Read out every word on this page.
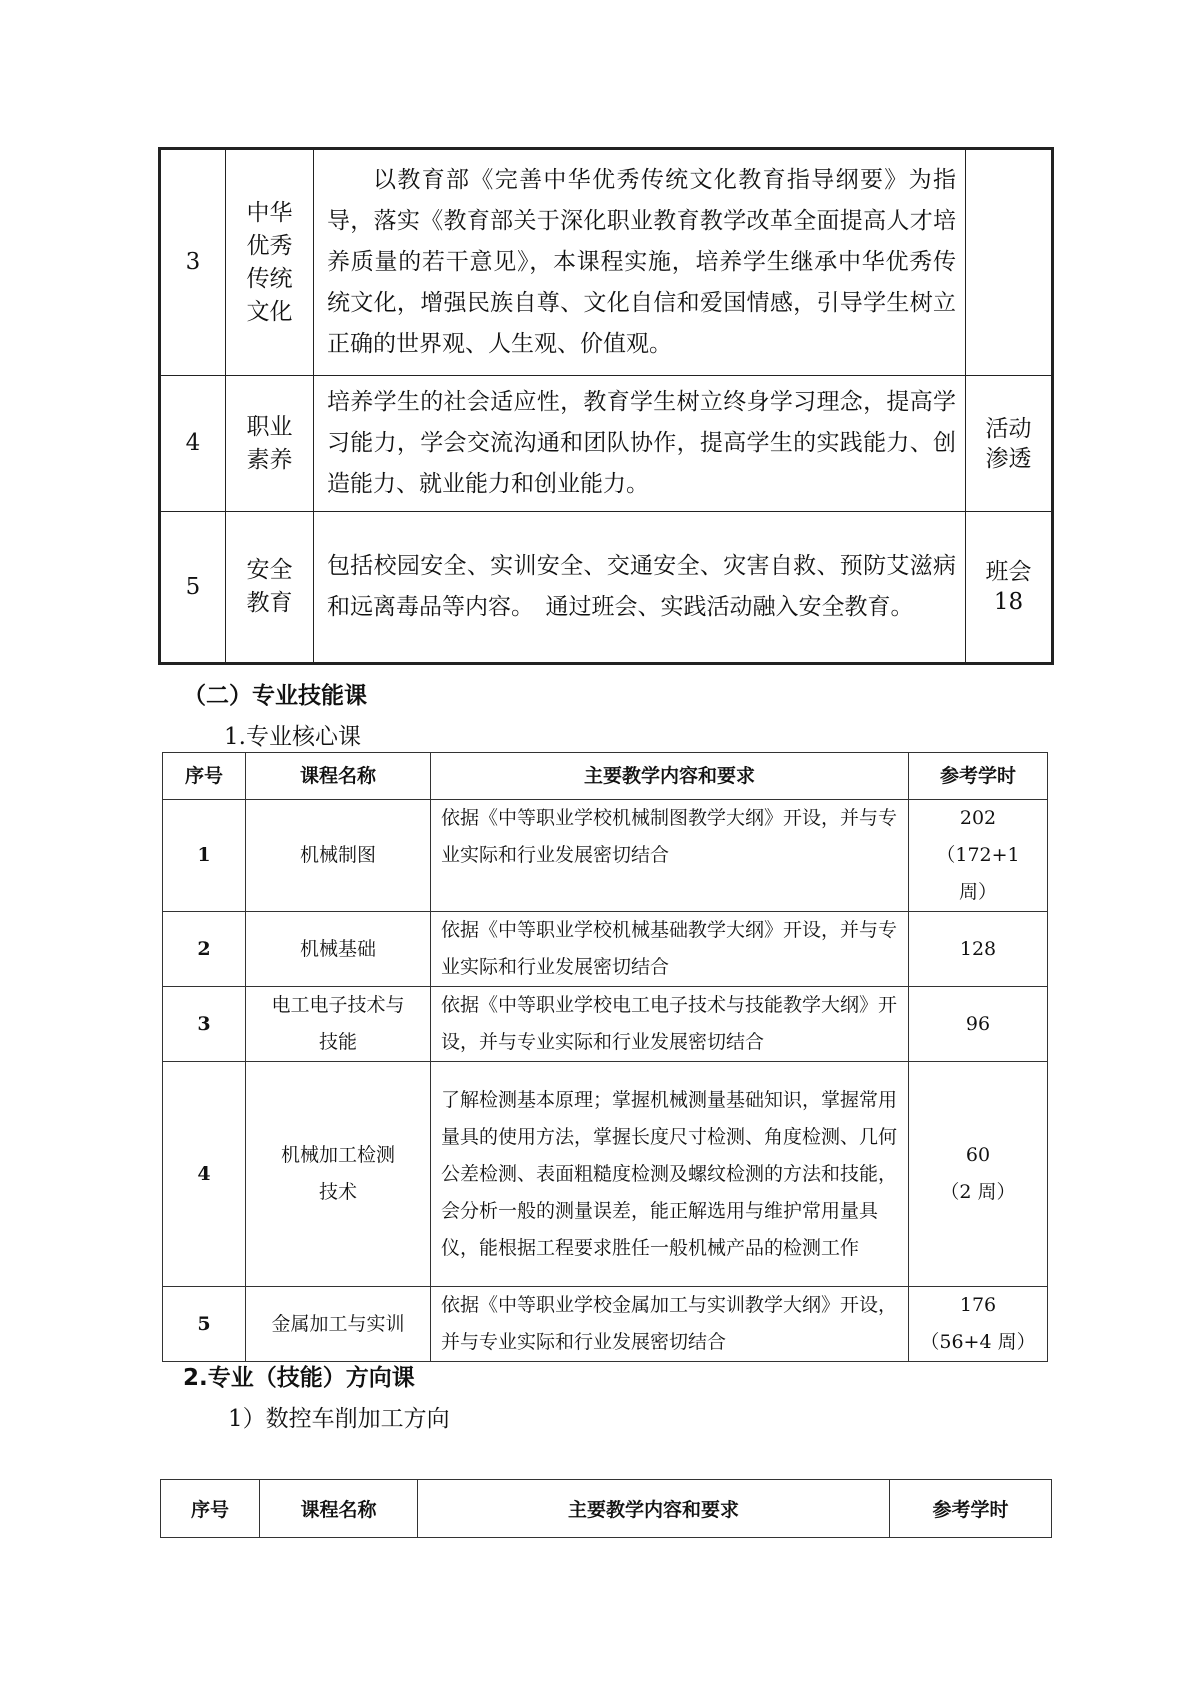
3	中华
优秀
传统
文化	以教育部《完善中华优秀传统文化教育指导纲要》为指导，落实《教育部关于深化职业教育教学改革全面提高人才培养质量的若干意见》，本课程实施，培养学生继承中华优秀传统文化，增强民族自尊、文化自信和爱国情感，引导学生树立正确的世界观、人生观、价值观。	

4	职业
素养	培养学生的社会适应性，教育学生树立终身学习理念，提高学习能力，学会交流沟通和团队协作，提高学生的实践能力、创造能力、就业能力和创业能力。	活动
渗透
5	安全
教育	包括校园安全、实训安全、交通安全、灾害自救、预防艾滋病和远离毒品等内容。　通过班会、实践活动融入安全教育。	班会
18
（二）专业技能课
1.专业核心课
序号	课程名称	主要教学内容和要求	参考学时
1	机械制图	依据《中等职业学校机械制图教学大纲》开设，并与专业实际和行业发展密切结合	202
（172+1
周）
2	机械基础	依据《中等职业学校机械基础教学大纲》开设，并与专业实际和行业发展密切结合	128
3	电工电子技术与
技能	依据《中等职业学校电工电子技术与技能教学大纲》开设，并与专业实际和行业发展密切结合	96
4	机械加工检测
技术	了解检测基本原理；掌握机械测量基础知识，掌握常用量具的使用方法，掌握长度尺寸检测、角度检测、几何公差检测、表面粗糙度检测及螺纹检测的方法和技能，会分析一般的测量误差，能正解选用与维护常用量具仪，能根据工程要求胜任一般机械产品的检测工作	60
（2 周）
5	金属加工与实训	依据《中等职业学校金属加工与实训教学大纲》开设，并与专业实际和行业发展密切结合	176
（56+4 周）
2.专业（技能）方向课
1）数控车削加工方向
序号	课程名称	主要教学内容和要求	参考学时
